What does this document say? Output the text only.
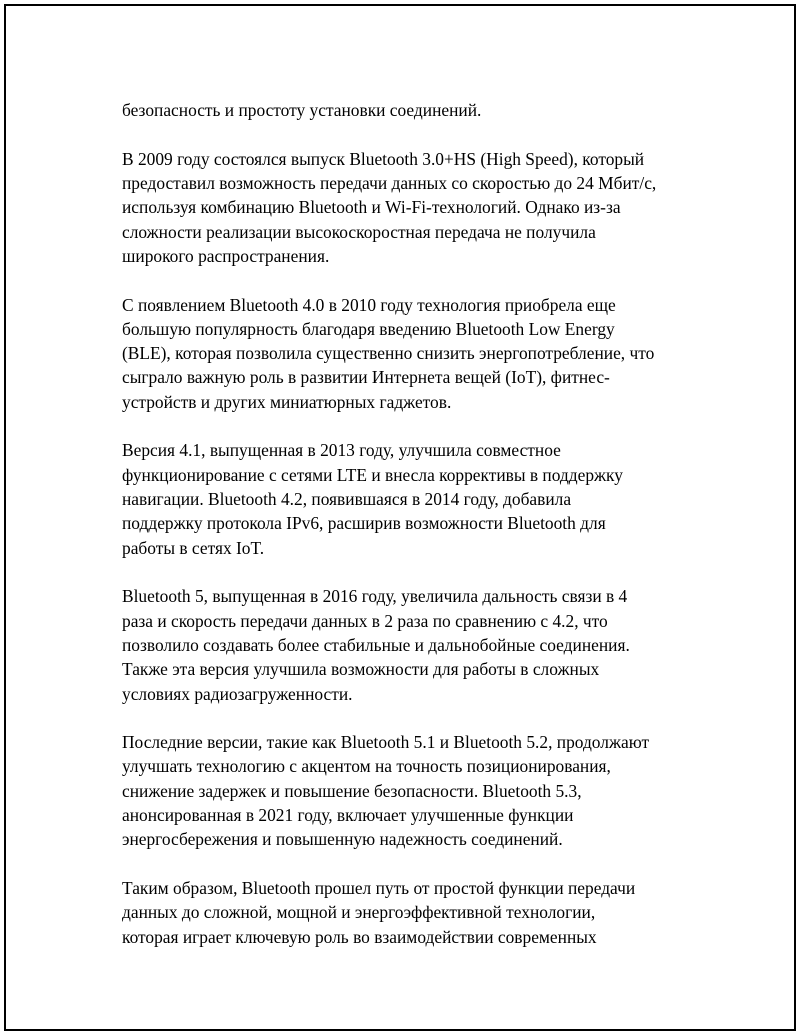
безопасность и простоту установки соединений.

В 2009 году состоялся выпуск Bluetooth 3.0+HS (High Speed), который
предоставил возможность передачи данных со скоростью до 24 Мбит/с,
используя комбинацию Bluetooth и Wi-Fi-технологий. Однако из-за
сложности реализации высокоскоростная передача не получила
широкого распространения.

С появлением Bluetooth 4.0 в 2010 году технология приобрела еще
большую популярность благодаря введению Bluetooth Low Energy
(BLE), которая позволила существенно снизить энергопотребление, что
сыграло важную роль в развитии Интернета вещей (IoT), фитнес-
устройств и других миниатюрных гаджетов.

Версия 4.1, выпущенная в 2013 году, улучшила совместное
функционирование с сетями LTE и внесла коррективы в поддержку
навигации. Bluetooth 4.2, появившаяся в 2014 году, добавила
поддержку протокола IPv6, расширив возможности Bluetooth для
работы в сетях IoT.

Bluetooth 5, выпущенная в 2016 году, увеличила дальность связи в 4
раза и скорость передачи данных в 2 раза по сравнению с 4.2, что
позволило создавать более стабильные и дальнобойные соединения.
Также эта версия улучшила возможности для работы в сложных
условиях радиозагруженности.

Последние версии, такие как Bluetooth 5.1 и Bluetooth 5.2, продолжают
улучшать технологию с акцентом на точность позиционирования,
снижение задержек и повышение безопасности. Bluetooth 5.3,
анонсированная в 2021 году, включает улучшенные функции
энергосбережения и повышенную надежность соединений.

Таким образом, Bluetooth прошел путь от простой функции передачи
данных до сложной, мощной и энергоэффективной технологии,
которая играет ключевую роль во взаимодействии современных
